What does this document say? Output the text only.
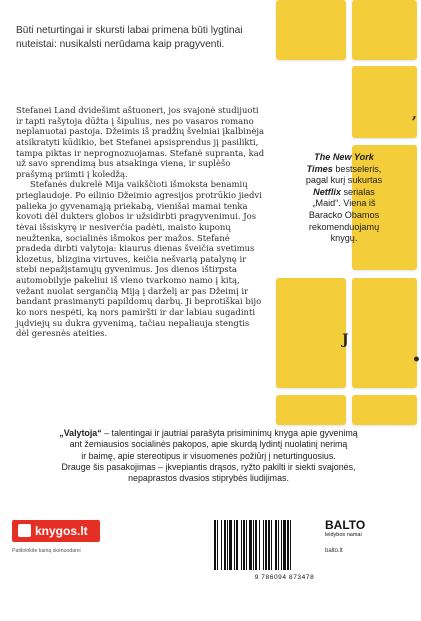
,
J
•

Būti neturtingai ir skursti labai primena būti lygtinai nuteistai: nusikalsti nerūdama kaip pragyventi.

Stefanei Land dvidešimt aštuoneri, jos svajonė studijuoti ir tapti rašytoja dūžta į šipulius, nes po vasaros romano neplanuotai pastoja. Džeimis iš pradžių švelniai įkalbinėja atsikratyti kūdikio, bet Stefanei apsisprendus jį pasilikti, tampa piktas ir neprognozuojamas. Stefanė supranta, kad už savo sprendimą bus atsakinga viena, ir suplėšo prašymą priimti į koledžą.

Stefanės dukrelė Mija vaikščioti išmoksta benamių prieglaudoje. Po eilinio Džeimio agresijos protrūkio jiedvi palieka jo gyvenamąją priekabą, vienišai mamai tenka kovoti dėl dukters globos ir užsidirbti pragyvenimui. Jos tėvai išsiskyrę ir nesiverčia padėti, maisto kuponų neužtenka, socialinės išmokos per mažos. Stefanė pradeda dirbti valytoja: kiaurus dienas šveičia svetimus klozetus, blizgina virtuves, keičia nešvarią patalynę ir stebi nepažįstamųjų gyvenimus. Jos dienos ištirpsta automobilyje pakeliui iš vieno tvarkomo namo į kitą, vežant nuolat sergančią Miją į darželį ar pas Džeimį ir bandant prasimanyti papildomų darbų. Ji beprotiškai bijo ko nors nespėti, ką nors pamiršti ir dar labiau sugadinti jųdviejų su dukra gyvenimą, tačiau nepaliauja stengtis dėl geresnės ateities.

The New York
Times bestseleris,
pagal kurį sukurtas
Netflix serialas
„Maid“. Viena iš
Baracko Obamos
rekomenduojamų
knygų.

„Valytoja“ – talentingai ir jautriai parašyta prisiminimų knyga apie gyvenimą
ant žemiausios socialinės pakopos, apie skurdą lydintį nuolatinį nerimą
ir baimę, apie stereotipus ir visuomenės požiūrį į neturtinguosius.
Drauge šis pasakojimas – įkvepiantis drąsos, ryžto pakilti ir siekti svajonės,
nepaprastos dvasios stiprybės liudijimas.

knygos.lt
Patikrinkite kainą skenuodami
9 786094 873478
BALTO
leidybos namai
balto.lt
